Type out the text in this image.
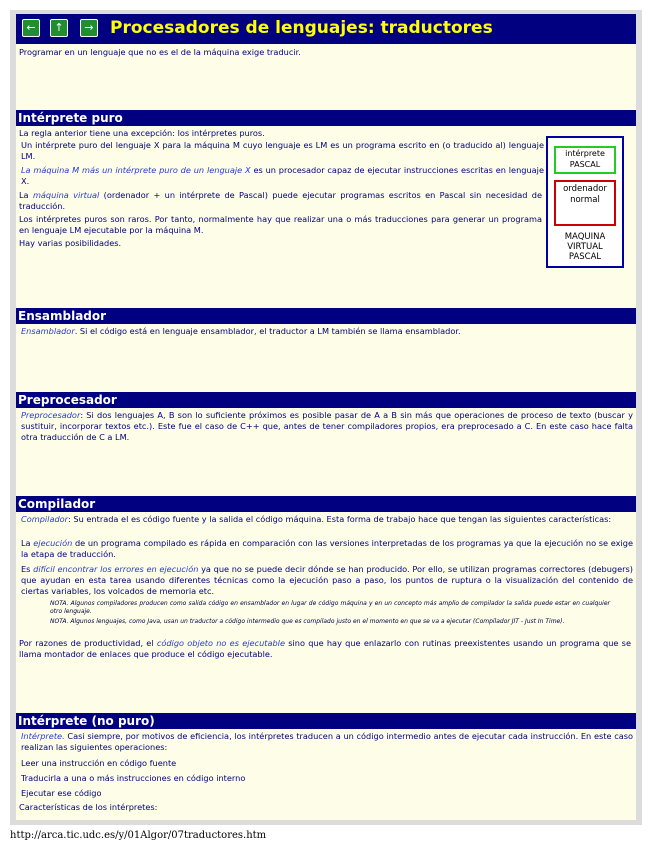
←	↑	→ Procesadores de lenguajes: traductores
Programar en un lenguaje que no es el de la máquina exige traducir.
Intérprete puro
La regla anterior tiene una excepción: los intérpretes puros.
Un intérprete puro del lenguaje X para la máquina M cuyo lenguaje es LM es un programa escrito en (o traducido al) lenguaje LM.
La máquina M más un intérprete puro de un lenguaje X es un procesador capaz de ejecutar instrucciones escritas en lenguaje X.
La máquina virtual (ordenador + un intérprete de Pascal) puede ejecutar programas escritos en Pascal sin necesidad de traducción.
Los intérpretes puros son raros. Por tanto, normalmente hay que realizar una o más traducciones para generar un programa en lenguaje LM ejecutable por la máquina M.
Hay varias posibilidades.
intérprete PASCAL
ordenador normal
MAQUINA VIRTUAL PASCAL
Ensamblador
Ensamblador. Si el código está en lenguaje ensamblador, el traductor a LM también se llama ensamblador.
Preprocesador
Preprocesador: Si dos lenguajes A, B son lo suficiente próximos es posible pasar de A a B sin más que operaciones de proceso de texto (buscar y sustituir, incorporar textos etc.). Este fue el caso de C++ que, antes de tener compiladores propios, era preprocesado a C. En este caso hace falta otra traducción de C a LM.
Compilador
Compilador: Su entrada el es código fuente y la salida el código máquina. Esta forma de trabajo hace que tengan las siguientes características:
La ejecución de un programa compilado es rápida en comparación con las versiones interpretadas de los programas ya que la ejecución no se exige la etapa de traducción.
Es difícil encontrar los errores en ejecución ya que no se puede decir dónde se han producido. Por ello, se utilizan programas correctores (debugers) que ayudan en esta tarea usando diferentes técnicas como la ejecución paso a paso, los puntos de ruptura o la visualización del contenido de ciertas variables, los volcados de memoria etc.
NOTA. Algunos compiladores producen como salida código en ensamblador en lugar de código máquina y en un concepto más amplio de compilador la salida puede estar en cualquier otro lenguaje.
NOTA. Algunos lenguajes, como Java, usan un traductor a código intermedio que es compilado justo en el momento en que se va a ejecutar (Compilador JIT - Just In Time).
Por razones de productividad, el código objeto no es ejecutable sino que hay que enlazarlo con rutinas preexistentes usando un programa que se llama montador de enlaces que produce el código ejecutable.
Intérprete (no puro)
Intérprete. Casi siempre, por motivos de eficiencia, los intérpretes traducen a un código intermedio antes de ejecutar cada instrucción. En este caso realizan las siguientes operaciones:
Leer una instrucción en código fuente
Traducirla a una o más instrucciones en código interno
Ejecutar ese código
Características de los intérpretes:
http://arca.tic.udc.es/y/01Algor/07traductores.htm
